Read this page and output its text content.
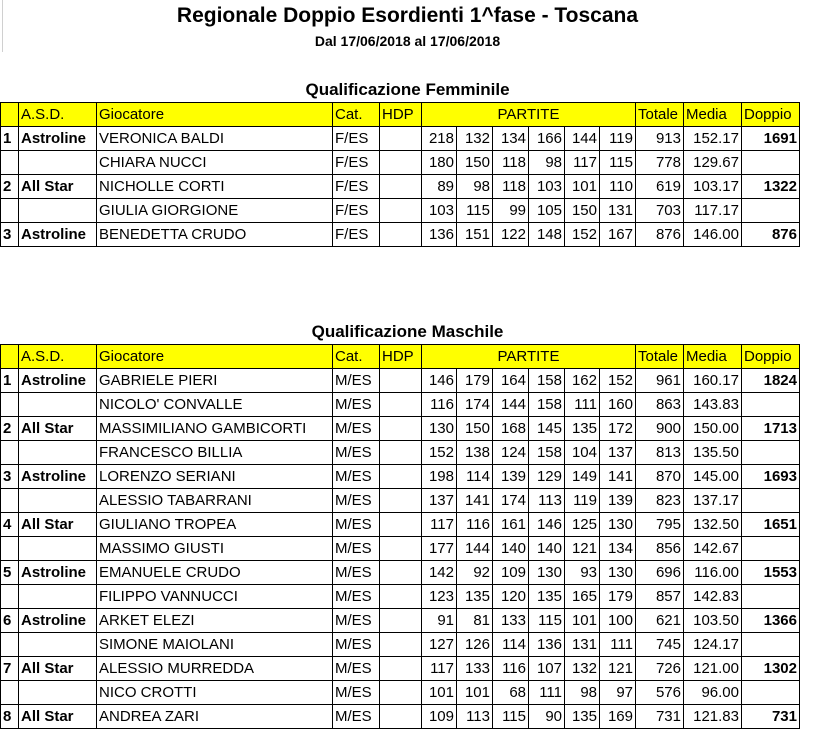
Regionale Doppio Esordienti 1^fase - Toscana
Dal 17/06/2018 al 17/06/2018
Qualificazione Femminile
	A.S.D.	Giocatore	Cat.	HDP	PARTITE						Totale	Media	Doppio
1	Astroline	VERONICA BALDI	F/ES		218	132	134	166	144	119	913	152.17	1691
		CHIARA NUCCI	F/ES		180	150	118	98	117	115	778	129.67	
2	All Star	NICHOLLE CORTI	F/ES		89	98	118	103	101	110	619	103.17	1322
		GIULIA GIORGIONE	F/ES		103	115	99	105	150	131	703	117.17	
3	Astroline	BENEDETTA CRUDO	F/ES		136	151	122	148	152	167	876	146.00	876
Qualificazione Maschile
	A.S.D.	Giocatore	Cat.	HDP	PARTITE						Totale	Media	Doppio
1	Astroline	GABRIELE PIERI	M/ES		146	179	164	158	162	152	961	160.17	1824
		NICOLO' CONVALLE	M/ES		116	174	144	158	111	160	863	143.83	
2	All Star	MASSIMILIANO GAMBICORTI	M/ES		130	150	168	145	135	172	900	150.00	1713
		FRANCESCO BILLIA	M/ES		152	138	124	158	104	137	813	135.50	
3	Astroline	LORENZO SERIANI	M/ES		198	114	139	129	149	141	870	145.00	1693
		ALESSIO TABARRANI	M/ES		137	141	174	113	119	139	823	137.17	
4	All Star	GIULIANO TROPEA	M/ES		117	116	161	146	125	130	795	132.50	1651
		MASSIMO GIUSTI	M/ES		177	144	140	140	121	134	856	142.67	
5	Astroline	EMANUELE CRUDO	M/ES		142	92	109	130	93	130	696	116.00	1553
		FILIPPO VANNUCCI	M/ES		123	135	120	135	165	179	857	142.83	
6	Astroline	ARKET ELEZI	M/ES		91	81	133	115	101	100	621	103.50	1366
		SIMONE MAIOLANI	M/ES		127	126	114	136	131	111	745	124.17	
7	All Star	ALESSIO MURREDDA	M/ES		117	133	116	107	132	121	726	121.00	1302
		NICO CROTTI	M/ES		101	101	68	111	98	97	576	96.00	
8	All Star	ANDREA ZARI	M/ES		109	113	115	90	135	169	731	121.83	731
